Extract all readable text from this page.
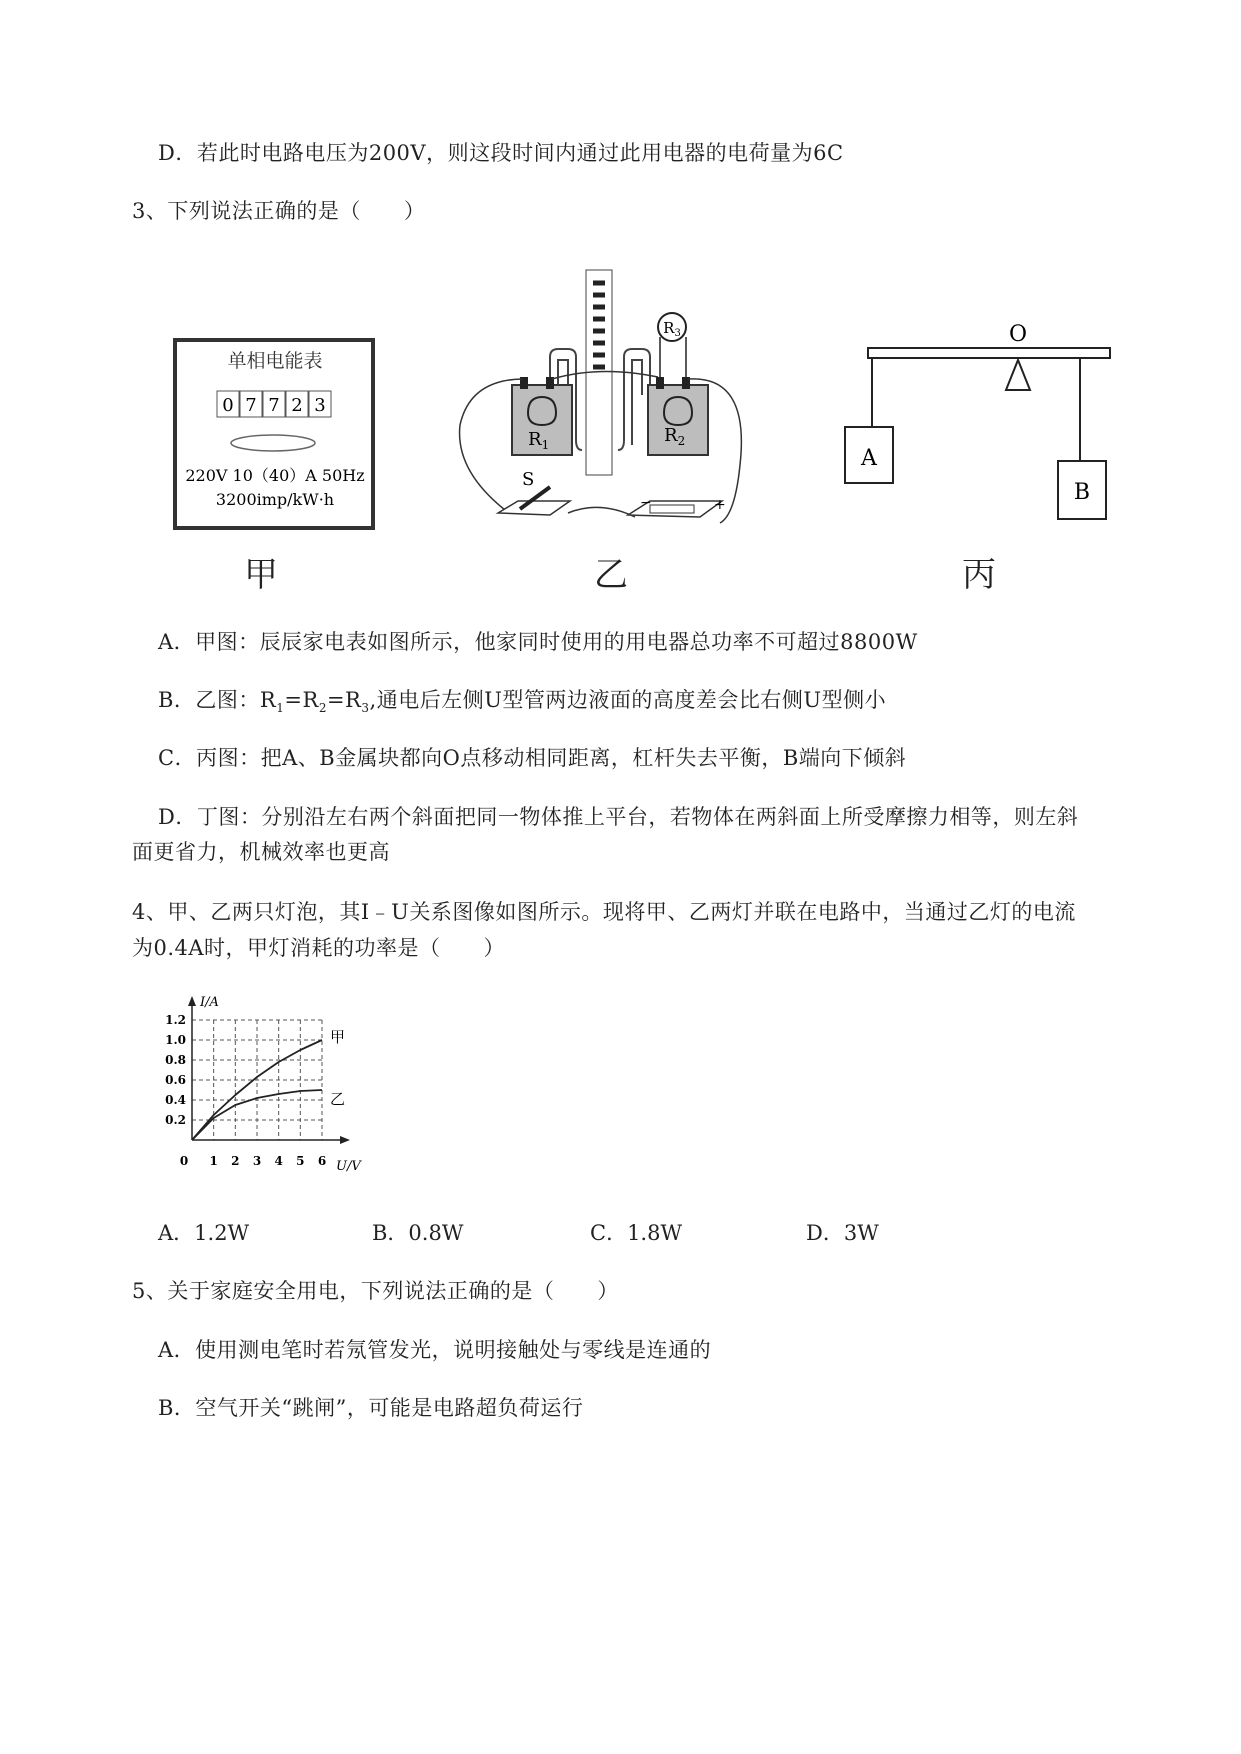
D．若此时电路电压为200V，则这段时间内通过此用电器的电荷量为6C
3、下列说法正确的是（　　）
单相电能表
0 7 7 2 3
220V 10（40）A 50Hz
3200imp/kW·h
$R_1$	$R_2$
$R_3$
S
−	+
O
A
B
甲	乙	丙
A．甲图：辰辰家电表如图所示，他家同时使用的用电器总功率不可超过8800W
B．乙图：$R_1=R_2=R_3$,通电后左侧U型管两边液面的高度差会比右侧U型侧小
C．丙图：把A、B金属块都向O点移动相同距离，杠杆失去平衡，B端向下倾斜
D．丁图：分别沿左右两个斜面把同一物体推上平台，若物体在两斜面上所受摩擦力相等，则左斜
面更省力，机械效率也更高
4、甲、乙两只灯泡，其I﹣U关系图像如图所示。现将甲、乙两灯并联在电路中，当通过乙灯的电流
为0.4A时，甲灯消耗的功率是（　　）
U/V
I/A
0 1 2 3 4 5 6
0.2
0.4
0.6
0.8
1.0
1.2
甲
乙
A．1.2W	B．0.8W	C．1.8W	D．3W
5、关于家庭安全用电，下列说法正确的是（　　）
A．使用测电笔时若氖管发光，说明接触处与零线是连通的
B．空气开关“跳闸”，可能是电路超负荷运行
